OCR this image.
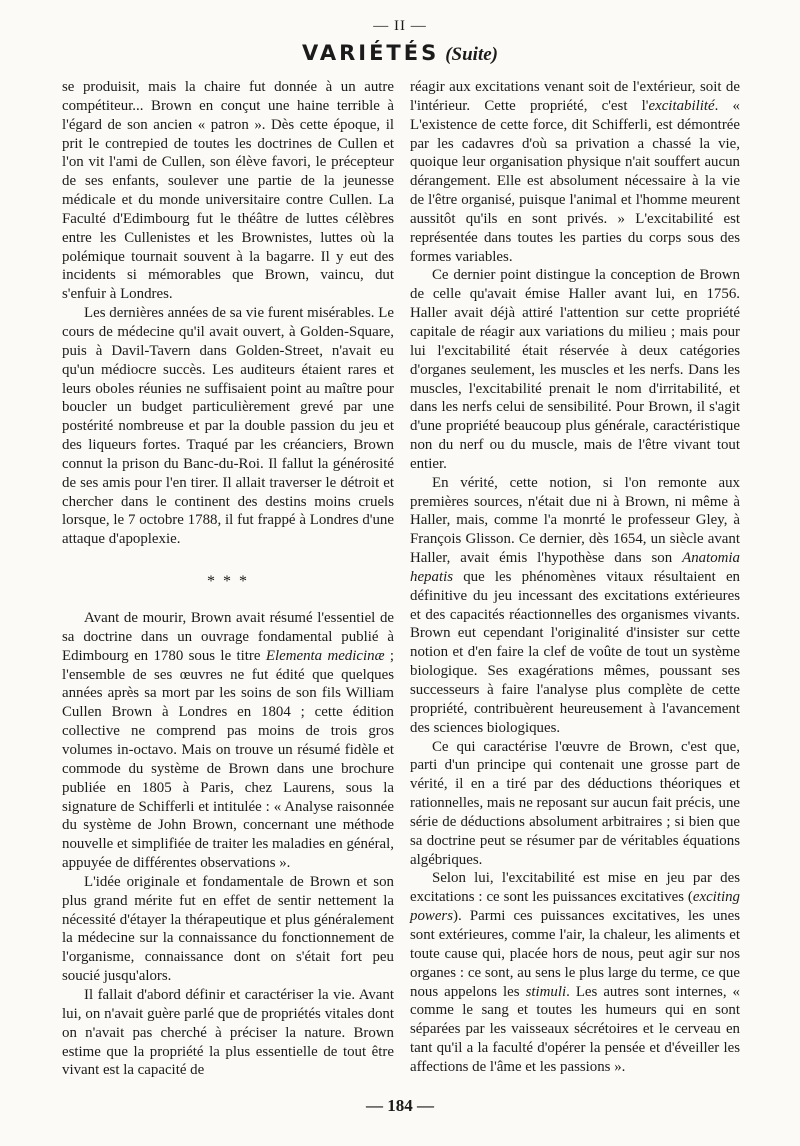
— II —
VARIÉTÉS (Suite)

se produisit, mais la chaire fut donnée à un autre compétiteur... Brown en conçut une haine terrible à l'égard de son ancien « patron ». Dès cette époque, il prit le contrepied de toutes les doctrines de Cullen et l'on vit l'ami de Cullen, son élève favori, le précepteur de ses enfants, soulever une partie de la jeunesse médicale et du monde universitaire contre Cullen. La Faculté d'Edimbourg fut le théâtre de luttes célèbres entre les Cullenistes et les Brownistes, luttes où la polémique tournait souvent à la bagarre. Il y eut des incidents si mémorables que Brown, vaincu, dut s'enfuir à Londres.

Les dernières années de sa vie furent misérables. Le cours de médecine qu'il avait ouvert, à Golden-Square, puis à Davil-Tavern dans Golden-Street, n'avait eu qu'un médiocre succès. Les auditeurs étaient rares et leurs oboles réunies ne suffisaient point au maître pour boucler un budget particulièrement grevé par une postérité nombreuse et par la double passion du jeu et des liqueurs fortes. Traqué par les créanciers, Brown connut la prison du Banc-du-Roi. Il fallut la générosité de ses amis pour l'en tirer. Il allait traverser le détroit et chercher dans le continent des destins moins cruels lorsque, le 7 octobre 1788, il fut frappé à Londres d'une attaque d'apoplexie.

* * *

Avant de mourir, Brown avait résumé l'essentiel de sa doctrine dans un ouvrage fondamental publié à Edimbourg en 1780 sous le titre Elementa medicinæ ; l'ensemble de ses œuvres ne fut édité que quelques années après sa mort par les soins de son fils William Cullen Brown à Londres en 1804 ; cette édition collective ne comprend pas moins de trois gros volumes in-octavo. Mais on trouve un résumé fidèle et commode du système de Brown dans une brochure publiée en 1805 à Paris, chez Laurens, sous la signature de Schifferli et intitulée : « Analyse raisonnée du système de John Brown, concernant une méthode nouvelle et simplifiée de traiter les maladies en général, appuyée de différentes observations ».

L'idée originale et fondamentale de Brown et son plus grand mérite fut en effet de sentir nettement la nécessité d'étayer la thérapeutique et plus généralement la médecine sur la connaissance du fonctionnement de l'organisme, connaissance dont on s'était fort peu soucié jusqu'alors.

Il fallait d'abord définir et caractériser la vie. Avant lui, on n'avait guère parlé que de propriétés vitales dont on n'avait pas cherché à préciser la nature. Brown estime que la propriété la plus essentielle de tout être vivant est la capacité de

réagir aux excitations venant soit de l'extérieur, soit de l'intérieur. Cette propriété, c'est l'excitabilité. « L'existence de cette force, dit Schifferli, est démontrée par les cadavres d'où sa privation a chassé la vie, quoique leur organisation physique n'ait souffert aucun dérangement. Elle est absolument nécessaire à la vie de l'être organisé, puisque l'animal et l'homme meurent aussitôt qu'ils en sont privés. » L'excitabilité est représentée dans toutes les parties du corps sous des formes variables.

Ce dernier point distingue la conception de Brown de celle qu'avait émise Haller avant lui, en 1756. Haller avait déjà attiré l'attention sur cette propriété capitale de réagir aux variations du milieu ; mais pour lui l'excitabilité était réservée à deux catégories d'organes seulement, les muscles et les nerfs. Dans les muscles, l'excitabilité prenait le nom d'irritabilité, et dans les nerfs celui de sensibilité. Pour Brown, il s'agit d'une propriété beaucoup plus générale, caractéristique non du nerf ou du muscle, mais de l'être vivant tout entier.

En vérité, cette notion, si l'on remonte aux premières sources, n'était due ni à Brown, ni même à Haller, mais, comme l'a monrté le professeur Gley, à François Glisson. Ce dernier, dès 1654, un siècle avant Haller, avait émis l'hypothèse dans son Anatomia hepatis que les phénomènes vitaux résultaient en définitive du jeu incessant des excitations extérieures et des capacités réactionnelles des organismes vivants. Brown eut cependant l'originalité d'insister sur cette notion et d'en faire la clef de voûte de tout un système biologique. Ses exagérations mêmes, poussant ses successeurs à faire l'analyse plus complète de cette propriété, contribuèrent heureusement à l'avancement des sciences biologiques.

Ce qui caractérise l'œuvre de Brown, c'est que, parti d'un principe qui contenait une grosse part de vérité, il en a tiré par des déductions théoriques et rationnelles, mais ne reposant sur aucun fait précis, une série de déductions absolument arbitraires ; si bien que sa doctrine peut se résumer par de véritables équations algébriques.

Selon lui, l'excitabilité est mise en jeu par des excitations : ce sont les puissances excitatives (exciting powers). Parmi ces puissances excitatives, les unes sont extérieures, comme l'air, la chaleur, les aliments et toute cause qui, placée hors de nous, peut agir sur nos organes : ce sont, au sens le plus large du terme, ce que nous appelons les stimuli. Les autres sont internes, « comme le sang et toutes les humeurs qui en sont séparées par les vaisseaux sécrétoires et le cerveau en tant qu'il a la faculté d'opérer la pensée et d'éveiller les affections de l'âme et les passions ».

— 184 —
